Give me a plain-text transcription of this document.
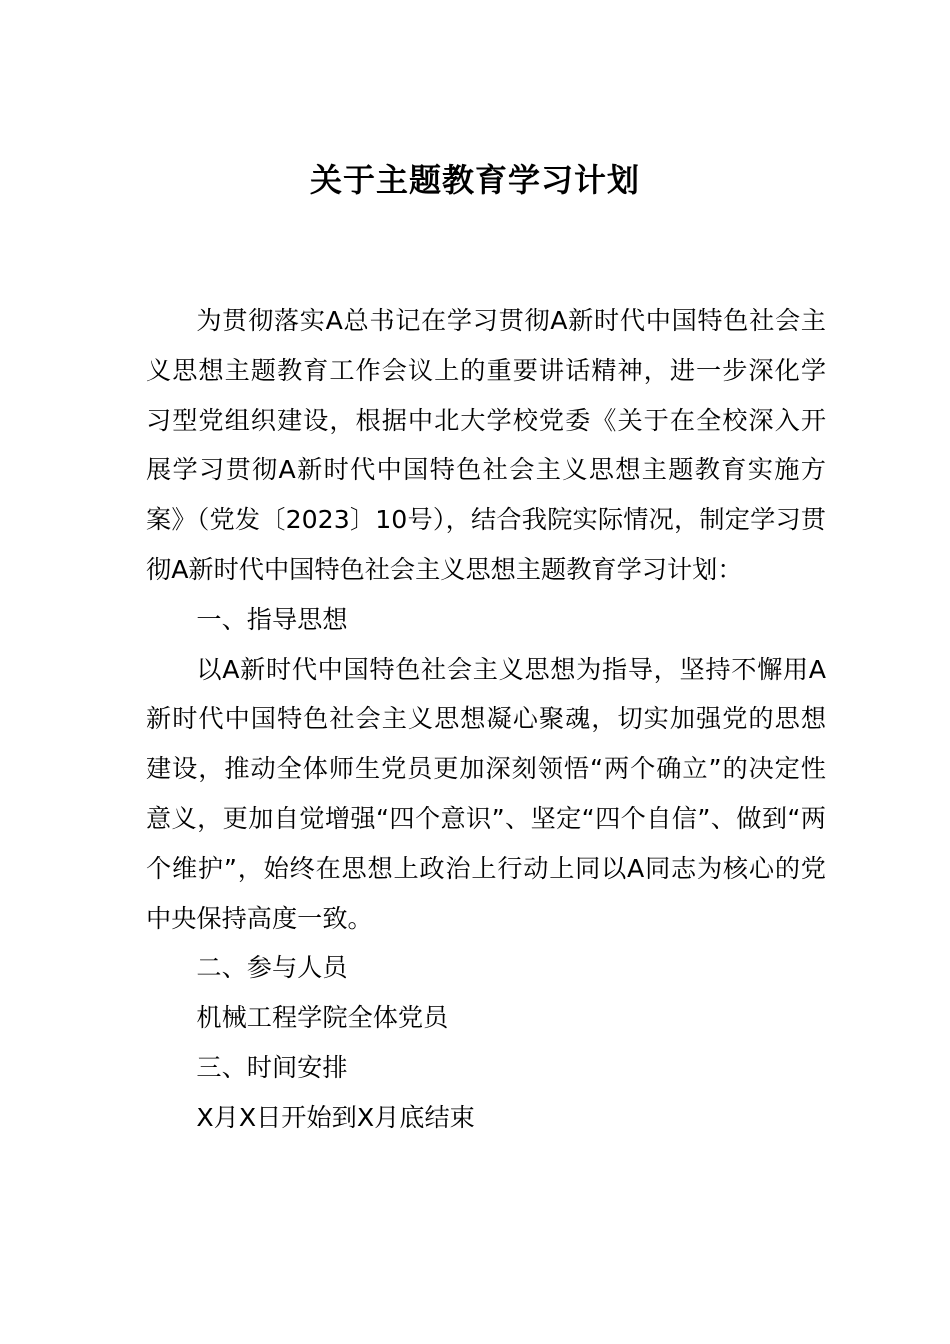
关于主题教育学习计划

为贯彻落实A总书记在学习贯彻A新时代中国特色社会主义思想主题教育工作会议上的重要讲话精神，进一步深化学习型党组织建设，根据中北大学校党委《关于在全校深入开展学习贯彻A新时代中国特色社会主义思想主题教育实施方案》（党发〔2023〕10号），结合我院实际情况，制定学习贯彻A新时代中国特色社会主义思想主题教育学习计划：

一、指导思想

以A新时代中国特色社会主义思想为指导，坚持不懈用A新时代中国特色社会主义思想凝心聚魂，切实加强党的思想建设，推动全体师生党员更加深刻领悟“两个确立”的决定性意义，更加自觉增强“四个意识”、坚定“四个自信”、做到“两个维护”，始终在思想上政治上行动上同以A同志为核心的党中央保持高度一致。

二、参与人员

机械工程学院全体党员

三、时间安排

X月X日开始到X月底结束
